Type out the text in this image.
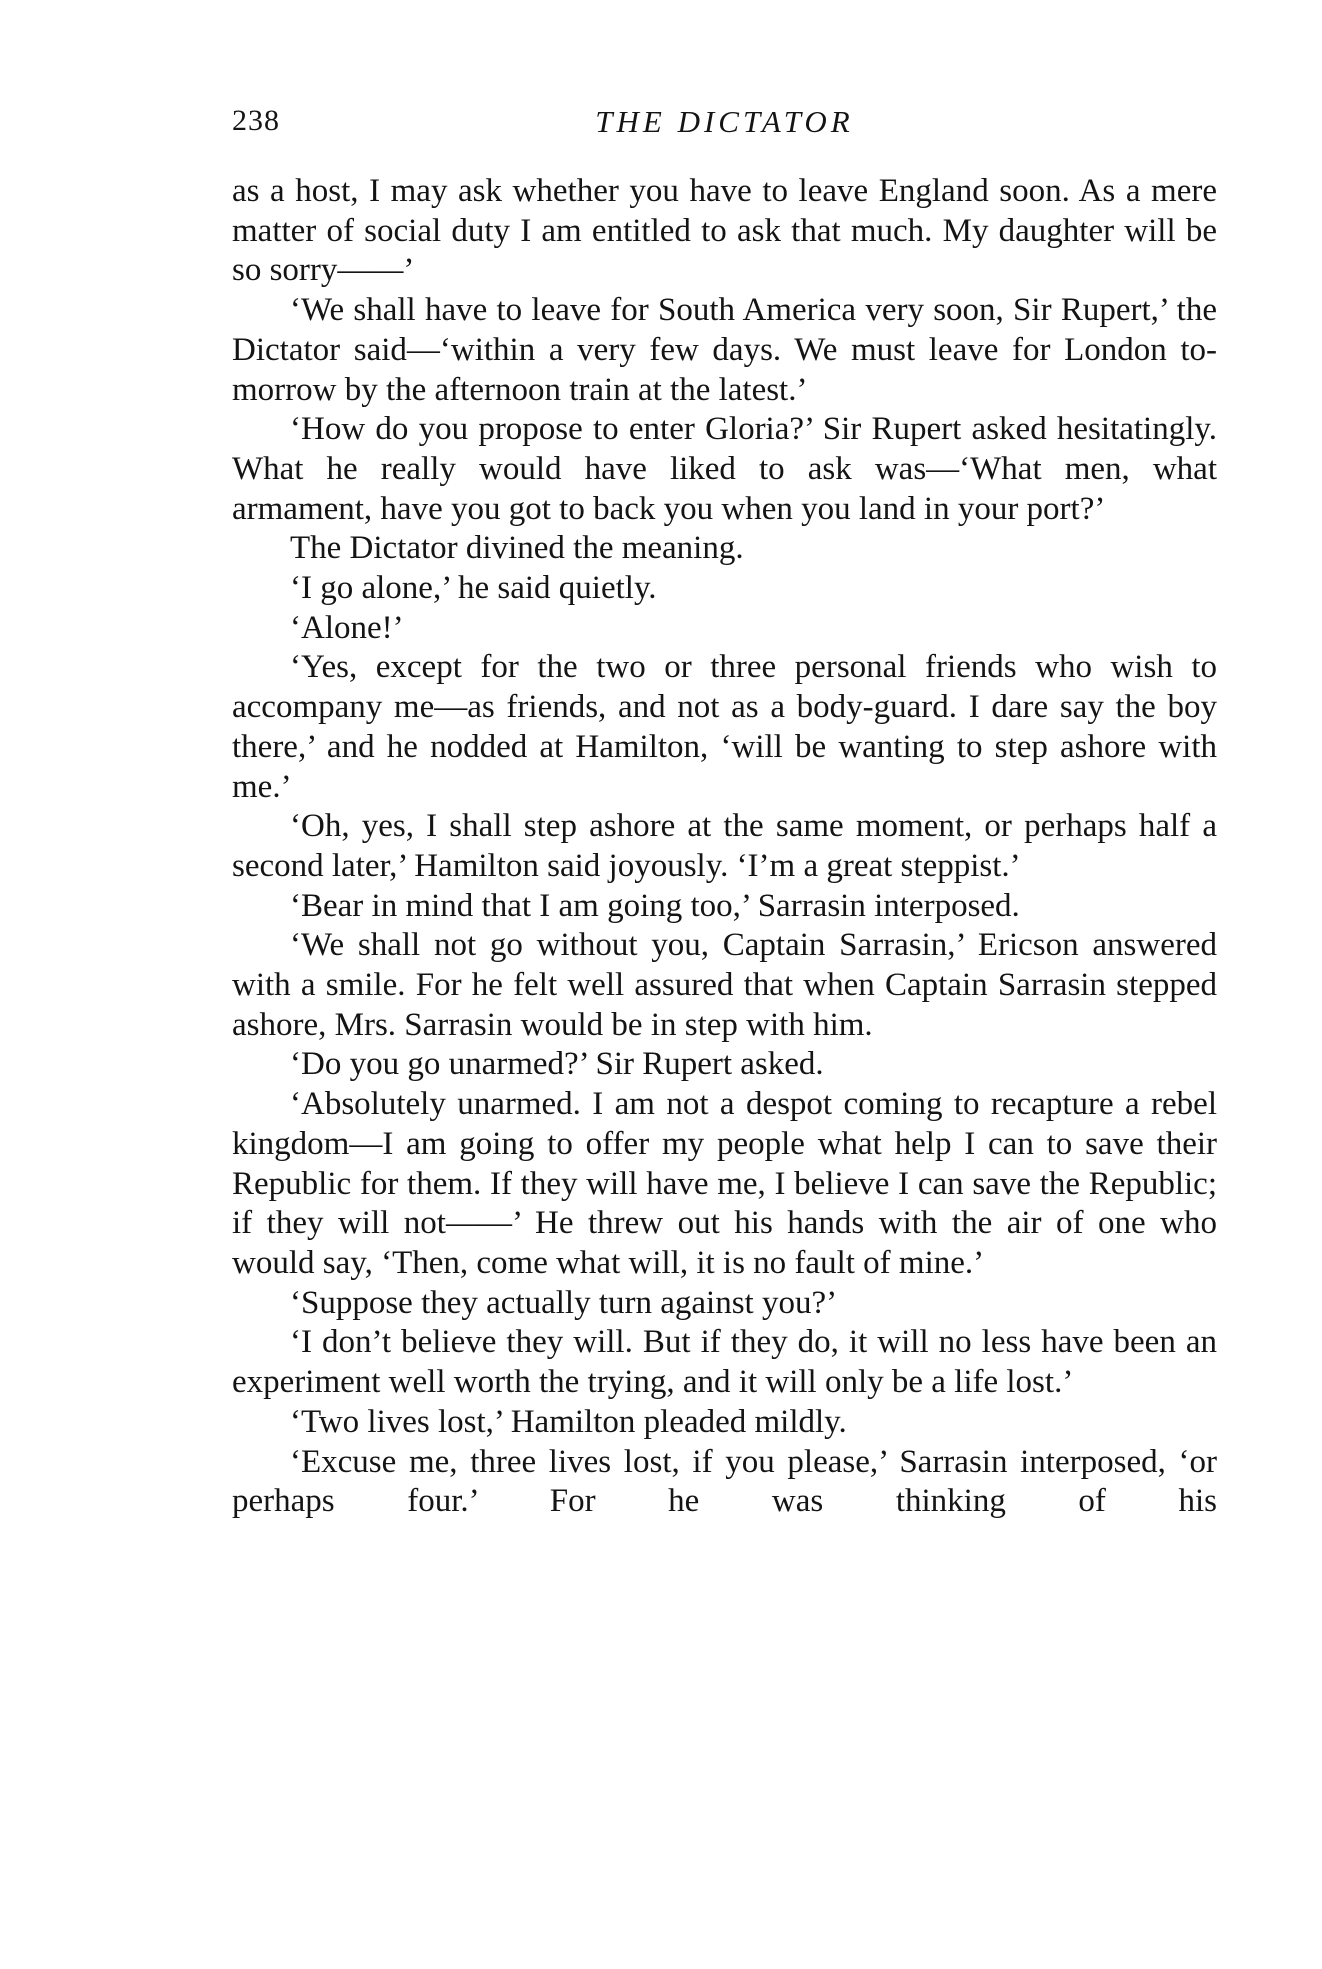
238	THE DICTATOR

as a host, I may ask whether you have to leave England soon. As a mere matter of social duty I am entitled to ask that much. My daughter will be so sorry——’

‘We shall have to leave for South America very soon, Sir Rupert,’ the Dictator said—‘within a very few days. We must leave for London to-morrow by the afternoon train at the latest.’

‘How do you propose to enter Gloria?’ Sir Rupert asked hesitatingly. What he really would have liked to ask was—‘What men, what armament, have you got to back you when you land in your port?’

The Dictator divined the meaning.

‘I go alone,’ he said quietly.

‘Alone!’

‘Yes, except for the two or three personal friends who wish to accompany me—as friends, and not as a body-guard. I dare say the boy there,’ and he nodded at Hamilton, ‘will be wanting to step ashore with me.’

‘Oh, yes, I shall step ashore at the same moment, or perhaps half a second later,’ Hamilton said joyously. ‘I’m a great steppist.’

‘Bear in mind that I am going too,’ Sarrasin interposed.

‘We shall not go without you, Captain Sarrasin,’ Ericson answered with a smile. For he felt well assured that when Captain Sarrasin stepped ashore, Mrs. Sarrasin would be in step with him.

‘Do you go unarmed?’ Sir Rupert asked.

‘Absolutely unarmed. I am not a despot coming to recapture a rebel kingdom—I am going to offer my people what help I can to save their Republic for them. If they will have me, I believe I can save the Republic; if they will not——’ He threw out his hands with the air of one who would say, ‘Then, come what will, it is no fault of mine.’

‘Suppose they actually turn against you?’

‘I don’t believe they will. But if they do, it will no less have been an experiment well worth the trying, and it will only be a life lost.’

‘Two lives lost,’ Hamilton pleaded mildly.

‘Excuse me, three lives lost, if you please,’ Sarrasin interposed, ‘or perhaps four.’ For he was thinking of his
